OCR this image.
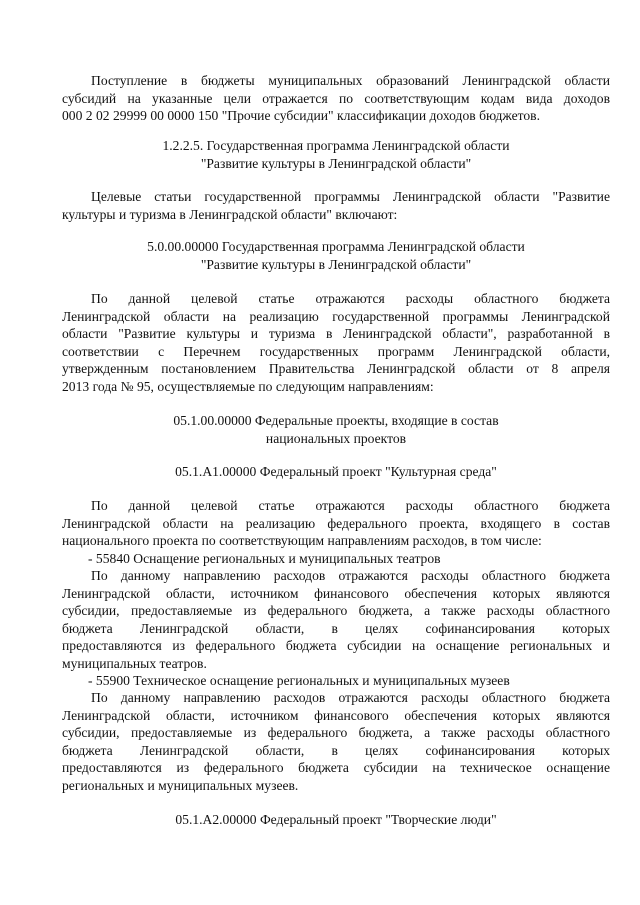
Поступление в бюджеты муниципальных образований Ленинградской области
субсидий на указанные цели отражается по соответствующим кодам вида доходов
000 2 02 29999 00 0000 150 "Прочие субсидии" классификации доходов бюджетов.
1.2.2.5. Государственная программа Ленинградской области
"Развитие культуры в Ленинградской области"
Целевые статьи государственной программы Ленинградской области "Развитие
культуры и туризма в Ленинградской области" включают:
5.0.00.00000 Государственная программа Ленинградской области
"Развитие культуры в Ленинградской области"
По данной целевой статье отражаются расходы областного бюджета
Ленинградской области на реализацию государственной программы Ленинградской
области "Развитие культуры и туризма в Ленинградской области", разработанной в
соответствии с Перечнем государственных программ Ленинградской области,
утвержденным постановлением Правительства Ленинградской области от 8 апреля
2013 года № 95, осуществляемые по следующим направлениям:
05.1.00.00000 Федеральные проекты, входящие в состав
национальных проектов
05.1.А1.00000 Федеральный проект "Культурная среда"
По данной целевой статье отражаются расходы областного бюджета
Ленинградской области на реализацию федерального проекта, входящего в состав
национального проекта по соответствующим направлениям расходов, в том числе:
- 55840 Оснащение региональных и муниципальных театров
По данному направлению расходов отражаются расходы областного бюджета
Ленинградской области, источником финансового обеспечения которых являются
субсидии, предоставляемые из федерального бюджета, а также расходы областного
бюджета Ленинградской области, в целях софинансирования которых
предоставляются из федерального бюджета субсидии на оснащение региональных и
муниципальных театров.
- 55900 Техническое оснащение региональных и муниципальных музеев
По данному направлению расходов отражаются расходы областного бюджета
Ленинградской области, источником финансового обеспечения которых являются
субсидии, предоставляемые из федерального бюджета, а также расходы областного
бюджета Ленинградской области, в целях софинансирования которых
предоставляются из федерального бюджета субсидии на техническое оснащение
региональных и муниципальных музеев.
05.1.А2.00000 Федеральный проект "Творческие люди"
